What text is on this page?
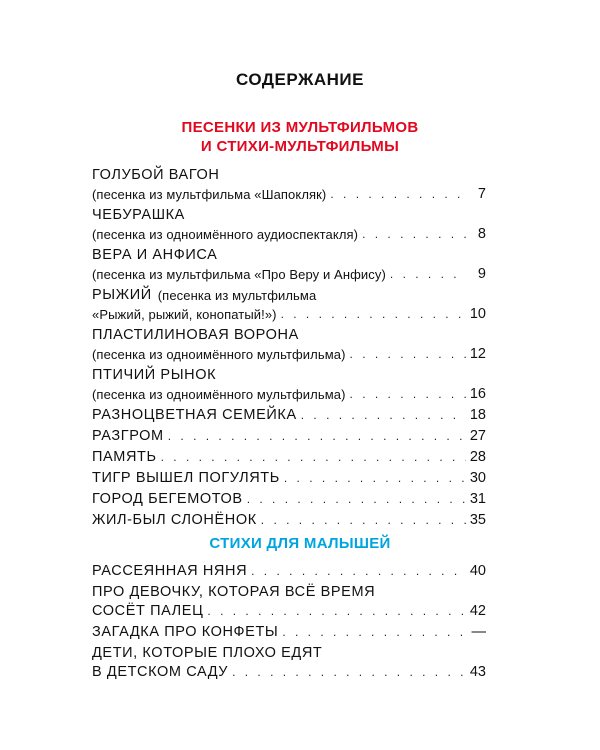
СОДЕРЖАНИЕ
ПЕСЕНКИ ИЗ МУЛЬТФИЛЬМОВ
И СТИХИ-МУЛЬТФИЛЬМЫ
ГОЛУБОЙ ВАГОН
(песенка из мультфильма «Шапокляк) . . .	7
ЧЕБУРАШКА
(песенка из одноимённого аудиоспектакля) . . .	8
ВЕРА И АНФИСА
(песенка из мультфильма «Про Веру и Анфису) . . .	9
РЫЖИЙ (песенка из мультфильма
«Рыжий, рыжий, конопатый!») . . .	10
ПЛАСТИЛИНОВАЯ ВОРОНА
(песенка из одноимённого мультфильма) . . .	12
ПТИЧИЙ РЫНОК
(песенка из одноимённого мультфильма) . . .	16
РАЗНОЦВЕТНАЯ СЕМЕЙКА . . .	18
РАЗГРОМ . . .	27
ПАМЯТЬ . . .	28
ТИГР ВЫШЕЛ ПОГУЛЯТЬ . . .	30
ГОРОД БЕГЕМОТОВ . . .	31
ЖИЛ-БЫЛ СЛОНЁНОК . . .	35
СТИХИ ДЛЯ МАЛЫШЕЙ
РАССЕЯННАЯ НЯНЯ . . .	40
ПРО ДЕВОЧКУ, КОТОРАЯ ВСЁ ВРЕМЯ
СОСЁТ ПАЛЕЦ . . .	42
ЗАГАДКА ПРО КОНФЕТЫ . . .	—
ДЕТИ, КОТОРЫЕ ПЛОХО ЕДЯТ
В ДЕТСКОМ САДУ . . .	43
